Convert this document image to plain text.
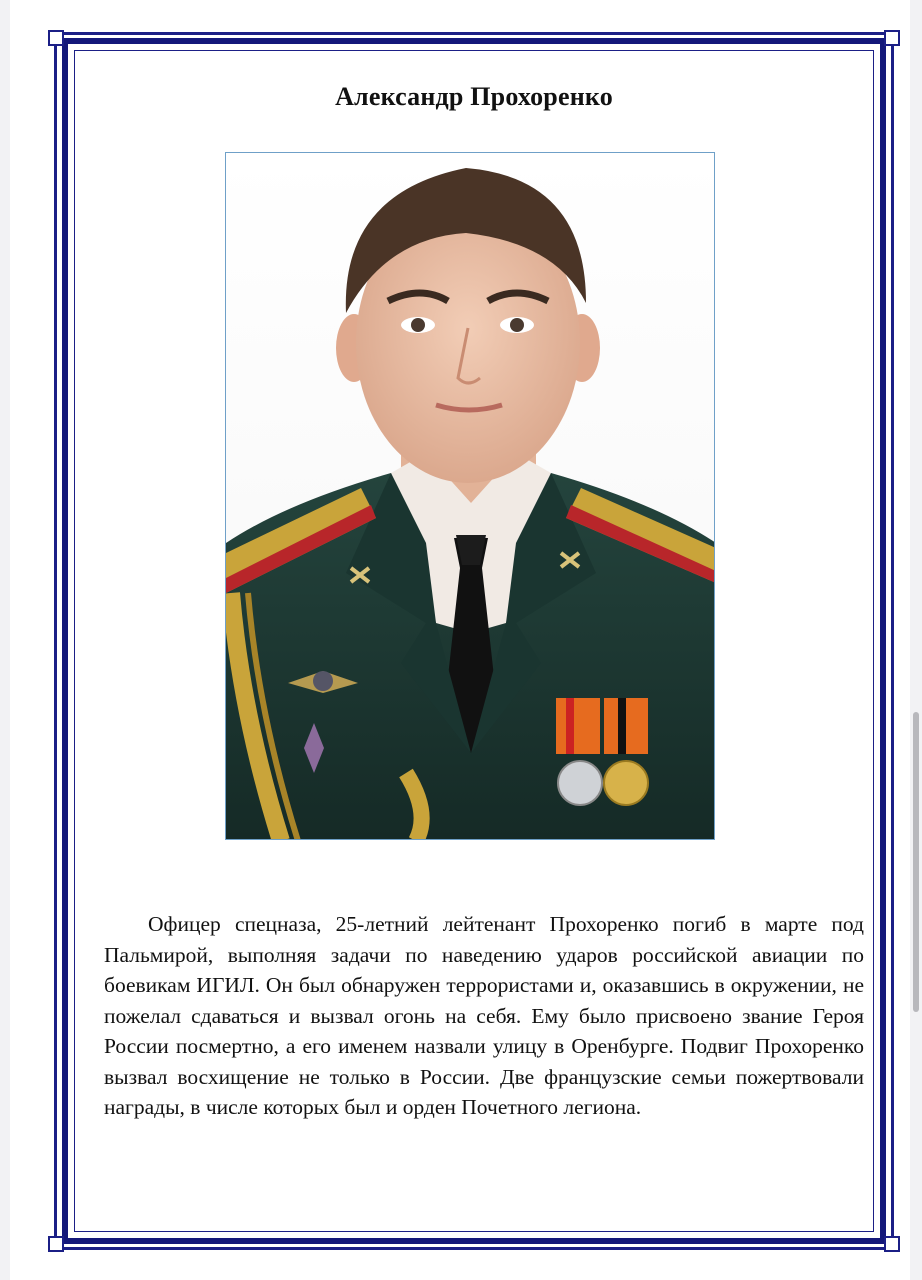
Александр Прохоренко

Офицер спецназа, 25-летний лейтенант Прохоренко погиб в марте под Пальмирой, выполняя задачи по наведению ударов российской авиации по боевикам ИГИЛ. Он был обнаружен террористами и, оказавшись в окружении, не пожелал сдаваться и вызвал огонь на себя. Ему было присвоено звание Героя России посмертно, а его именем назвали улицу в Оренбурге. Подвиг Прохоренко вызвал восхищение не только в России. Две французские семьи пожертвовали награды, в числе которых был и орден Почетного легиона.
